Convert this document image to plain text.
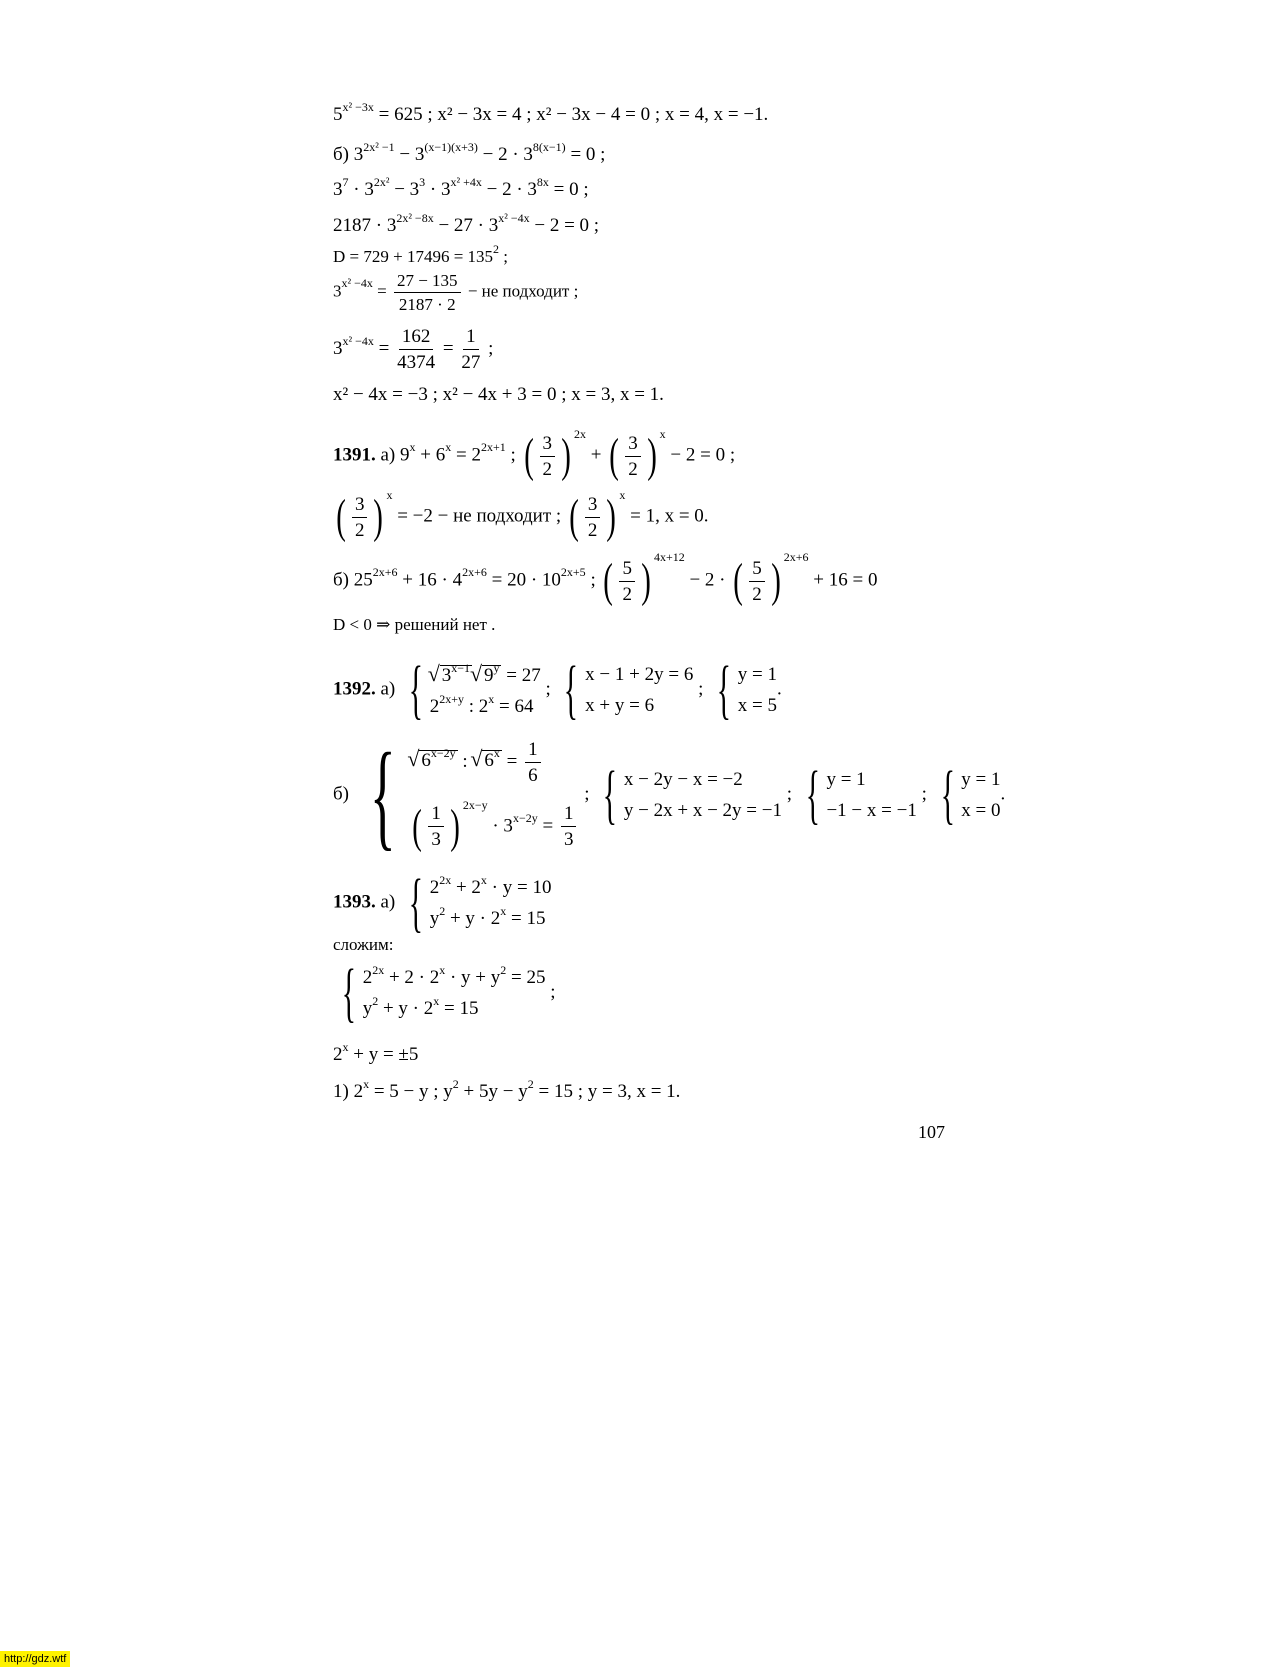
$5^{x^2 -3x} = 625$ ; x² − 3x = 4 ; x² − 3x − 4 = 0 ; x = 4, x = −1.
б) $3^{2x^2 -1} - 3^{(x-1)(x+3)} - 2 \cdot 3^{8(x-1)} = 0$ ;
$3^7 \cdot 3^{2x^2} - 3^3 \cdot 3^{x^2 +4x} - 2 \cdot 3^{8x} = 0$ ;
$2187 \cdot 3^{2x^2 -8x} - 27 \cdot 3^{x^2 -4x} - 2 = 0$ ;
$D = 729 + 17496 = 135^2$ ;
$3^{x^2 -4x} = \frac{27 - 135}{2187 \cdot 2}$ − не подходит ;
$3^{x^2 -4x} = \frac{162}{4374} = \frac{1}{27}$ ;
x² − 4x = −3 ; x² − 4x + 3 = 0 ; x = 3, x = 1.
1391. а) $9^x + 6^x = 2^{2x+1}$ ; ( $\frac{3}{2}$ ) $^{2x}$ + ( $\frac{3}{2}$ ) $^x$ − 2 = 0 ;
( $\frac{3}{2}$ ) $^x$ = −2 − не подходит ; ( $\frac{3}{2}$ ) $^x$ = 1, x = 0.
б) $25^{2x+6} + 16 \cdot 4^{2x+6} = 20 \cdot 10^{2x+5}$ ; ( $\frac{5}{2}$ ) $^{4x+12}$ − 2 · ( $\frac{5}{2}$ ) $^{2x+6}$ + 16 = 0
D < 0 ⇒ решений нет .
1392. а) {
√ $3^{x-1}√$ $9^y = 27$
$2^{2x+y}$ : $2^x = 64$
; { x − 1 + 2y = 6
x + y = 6
; { y = 1
x = 5
.
б) {
√	$6^{x-2y}$ : √ $6^x = \frac{1}{6}$
( $\frac{1}{3}$ ) $^{2x-y} \cdot 3^{x-2y} = \frac{1}{3}$
; { x − 2y − x = −2
y − 2x + x − 2y = −1
; { y = 1
−1 − x = −1
; { y = 1
x = 0
.
1393. а) { $2^{2x} + 2^x \cdot y = 10$
$y^2 + y \cdot 2^x = 15$
сложим:
{ $2^{2x} + 2 \cdot 2^x \cdot y + y^2 = 25$
$y^2 + y \cdot 2^x = 15$
;
$2^x + y = \pm 5$
1) $2^x = 5 - y$ ; $y^2 + 5y - y^2 = 15$ ; y = 3, x = 1.
107
http://gdz.wtf
